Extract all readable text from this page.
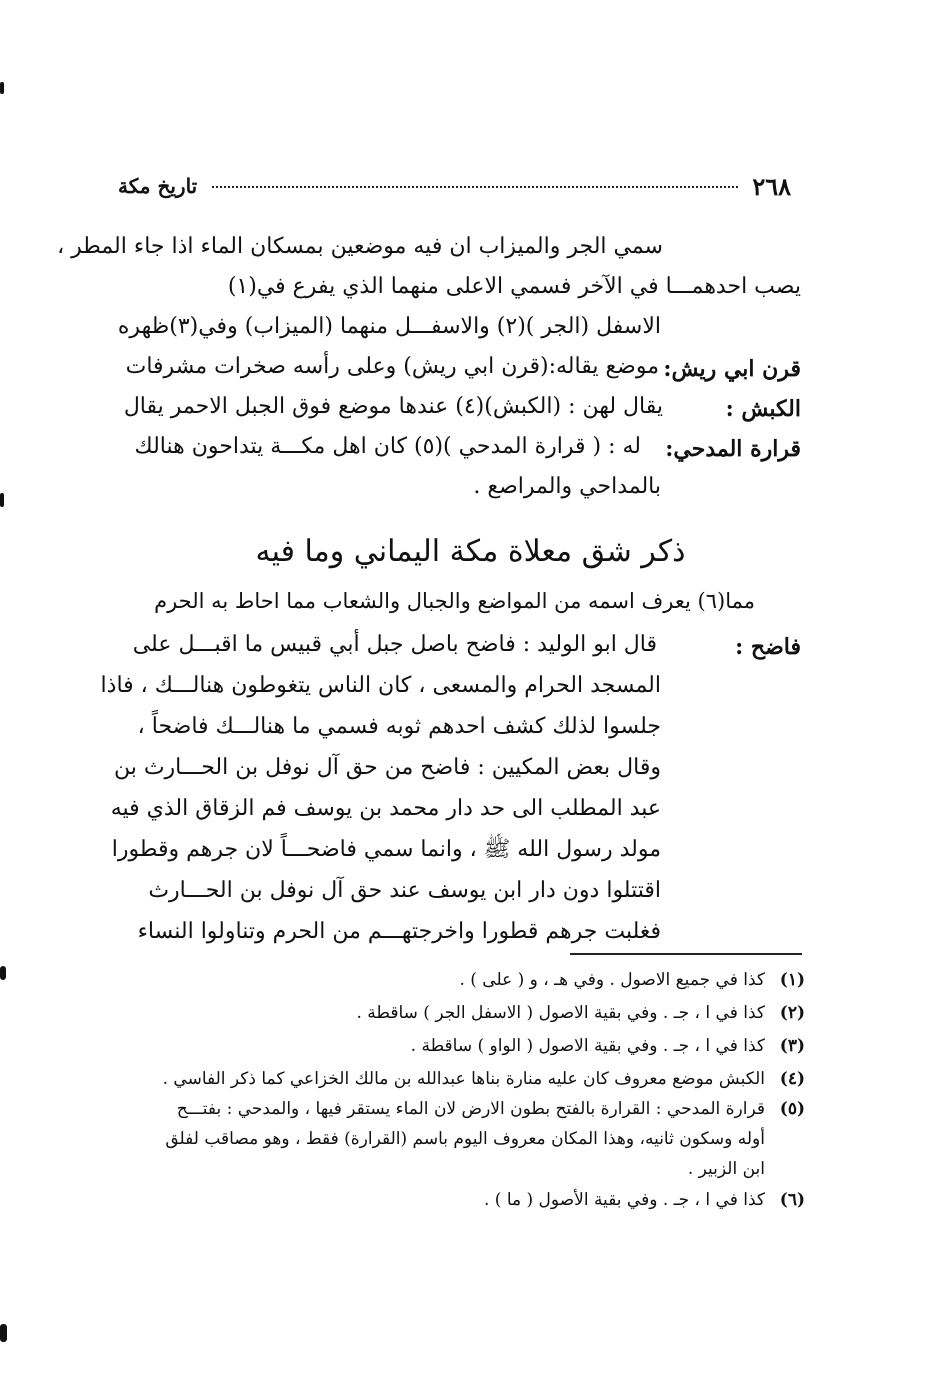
٢٦٨
تاريخ مكة
سمي الجر والميزاب ان فيه موضعين بمسكان الماء اذا جاء المطر ،
يصب احدهمـــا في الآخر فسمي الاعلى منهما الذي يفرع في(١)
الاسفل (الجر )(٢) والاسفـــل منهما (الميزاب) وفي(٣)ظهره
قرن ابي ريش:
موضع يقاله:(قرن ابي ريش) وعلى رأسه صخرات مشرفات
الكبش :
يقال لهن : (الكبش)(٤) عندها موضع فوق الجبل الاحمر يقال
قرارة المدحي:
له : ( قرارة المدحي )(٥) كان اهل مكـــة يتداحون هنالك
بالمداحي والمراصع .
ذكر شق معلاة مكة اليماني وما فيه
مما(٦) يعرف اسمه من المواضع والجبال والشعاب مما احاط به الحرم
فاضح :
قال ابو الوليد : فاضح باصل جبل أبي قبيس ما اقبـــل على
المسجد الحرام والمسعى ، كان الناس يتغوطون هنالـــك ، فاذا
جلسوا لذلك كشف احدهم ثوبه فسمي ما هنالـــك فاضحاً ،
وقال بعض المكيين : فاضح من حق آل نوفل بن الحـــارث بن
عبد المطلب الى حد دار محمد بن يوسف فم الزقاق الذي فيه
مولد رسول الله ﷺ ، وانما سمي فاضحـــاً لان جرهم وقطورا
اقتتلوا دون دار ابن يوسف عند حق آل نوفل بن الحـــارث
فغلبت جرهم قطورا واخرجتهـــم من الحرم وتناولوا النساء
(١)
كذا في جميع الاصول . وفي هـ ، و ( على ) .
(٢)
كذا في ا ، جـ . وفي بقية الاصول ( الاسفل الجر ) ساقطة .
(٣)
كذا في ا ، جـ . وفي بقية الاصول ( الواو ) ساقطة .
(٤)
الكبش موضع معروف كان عليه منارة بناها عبدالله بن مالك الخزاعي كما ذكر الفاسي .
(٥)
قرارة المدحي : القرارة بالفتح بطون الارض لان الماء يستقر فيها ، والمدحي : بفتـــح
أوله وسكون ثانيه، وهذا المكان معروف اليوم باسم (القرارة) فقط ، وهو مصاقب لفلق
ابن الزبير .
(٦)
كذا في ا ، جـ . وفي بقية الأصول ( ما ) .
